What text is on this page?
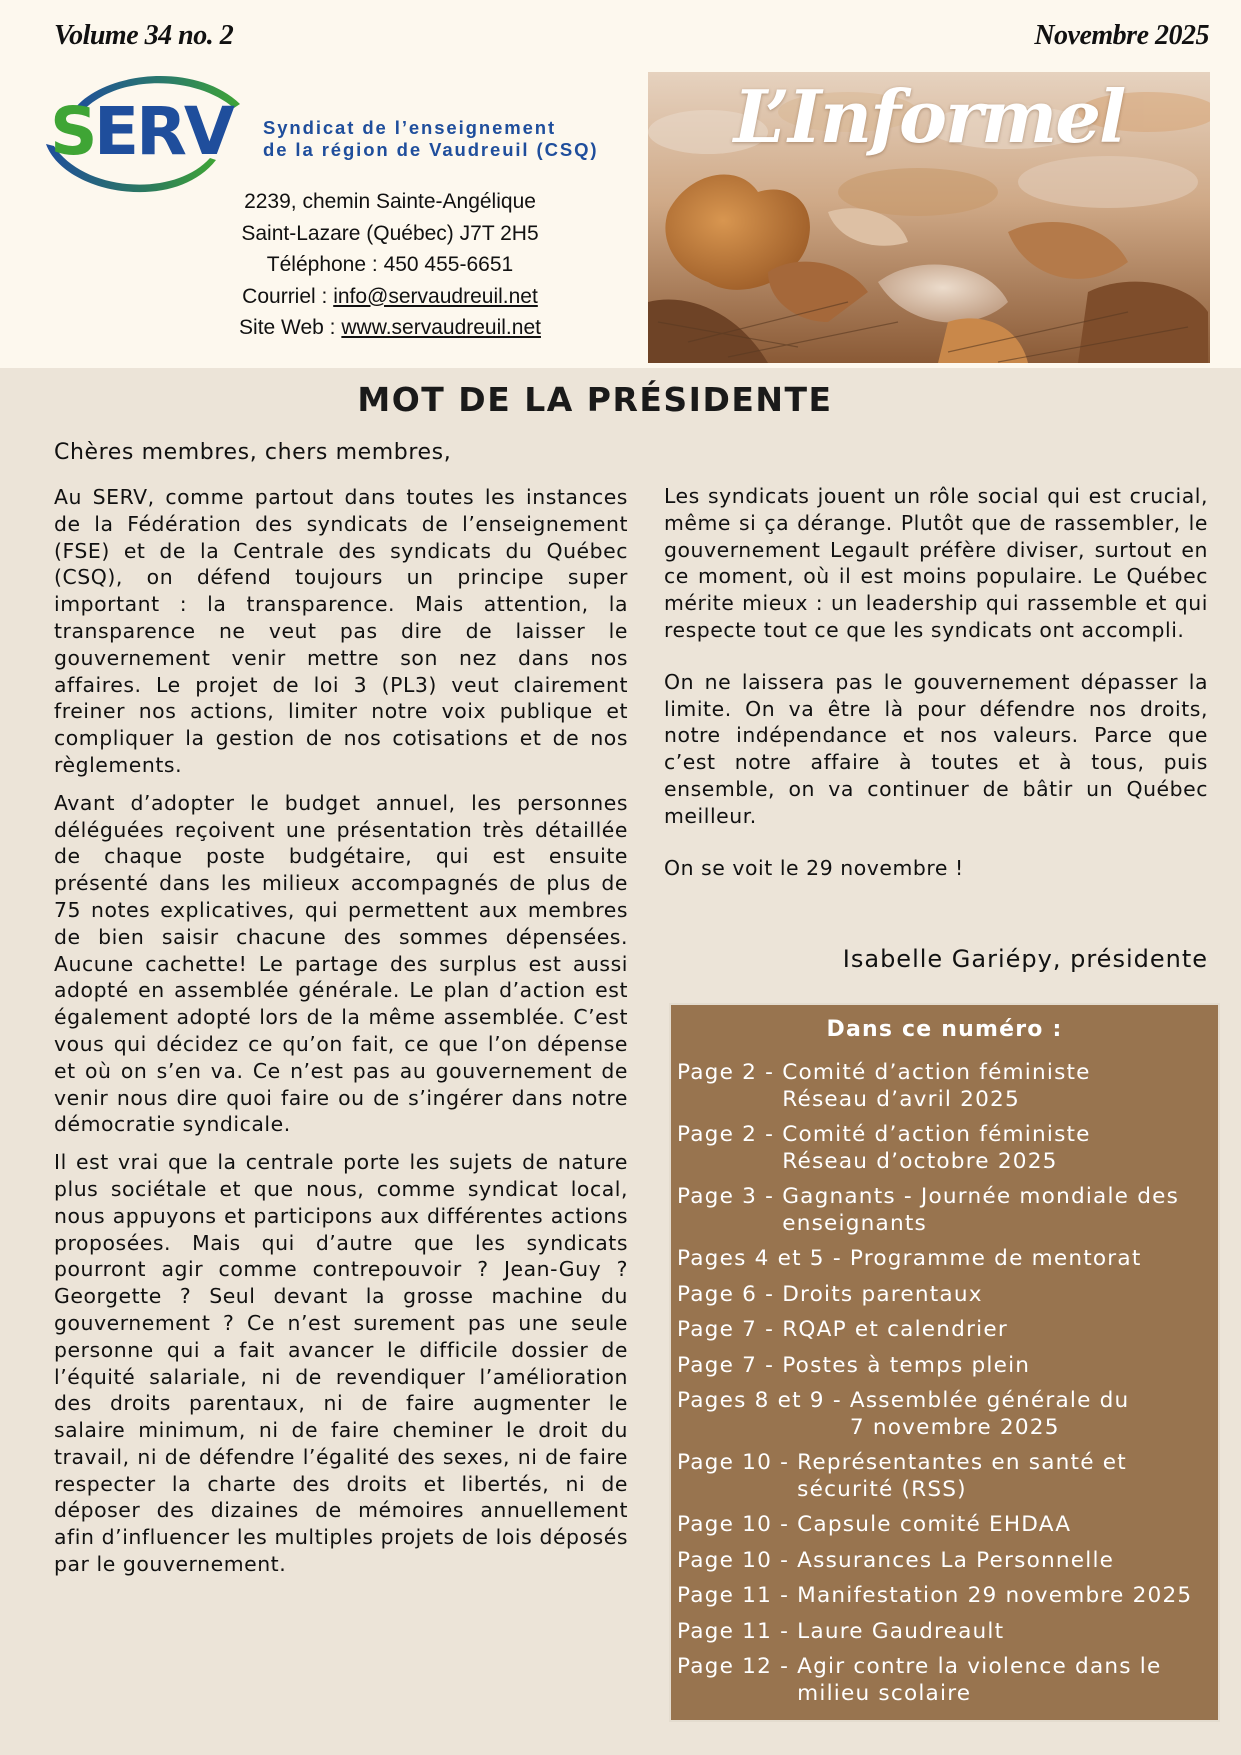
Volume 34 no. 2	Novembre 2025
S
ERV Syndicat de l’enseignement
de la région de Vaudreuil (CSQ)
2239, chemin Sainte-Angélique
Saint-Lazare (Québec) J7T 2H5
Téléphone : 450 455-6651
Courriel : info@servaudreuil.net
Site Web : www.servaudreuil.net
L’Informel
MOT DE LA PRÉSIDENTE
Chères membres, chers membres,

Au SERV, comme partout dans toutes les instances de la Fédération des syndicats de l’enseignement (FSE) et de la Centrale des syndicats du Québec (CSQ), on défend toujours un principe super important : la transparence. Mais attention, la transparence ne veut pas dire de laisser le gouvernement venir mettre son nez dans nos affaires. Le projet de loi 3 (PL3) veut clairement freiner nos actions, limiter notre voix publique et compliquer la gestion de nos cotisations et de nos règlements.

Avant d’adopter le budget annuel, les personnes déléguées reçoivent une présentation très détaillée de chaque poste budgétaire, qui est ensuite présenté dans les milieux accompagnés de plus de 75 notes explicatives, qui permettent aux membres de bien saisir chacune des sommes dépensées. Aucune cachette! Le partage des surplus est aussi adopté en assemblée générale. Le plan d’action est également adopté lors de la même assemblée. C’est vous qui décidez ce qu’on fait, ce que l’on dépense et où on s’en va. Ce n’est pas au gouvernement de venir nous dire quoi faire ou de s’ingérer dans notre démocratie syndicale.

Il est vrai que la centrale porte les sujets de nature plus sociétale et que nous, comme syndicat local, nous appuyons et participons aux différentes actions proposées. Mais qui d’autre que les syndicats pourront agir comme contrepouvoir ? Jean-Guy ? Georgette ? Seul devant la grosse machine du gouvernement ? Ce n’est surement pas une seule personne qui a fait avancer le difficile dossier de l’équité salariale, ni de revendiquer l’amélioration des droits parentaux, ni de faire augmenter le salaire minimum, ni de faire cheminer le droit du travail, ni de défendre l’égalité des sexes, ni de faire respecter la charte des droits et libertés, ni de déposer des dizaines de mémoires annuellement afin d’influencer les multiples projets de lois déposés par le gouvernement.

Les syndicats jouent un rôle social qui est crucial, même si ça dérange. Plutôt que de rassembler, le gouvernement Legault préfère diviser, surtout en ce moment, où il est moins populaire. Le Québec mérite mieux : un leadership qui rassemble et qui respecte tout ce que les syndicats ont accompli.

On ne laissera pas le gouvernement dépasser la limite. On va être là pour défendre nos droits, notre indépendance et nos valeurs. Parce que c’est notre affaire à toutes et à tous, puis ensemble, on va continuer de bâtir un Québec meilleur.

On se voit le 29 novembre !

Isabelle Gariépy, présidente
Dans ce numéro :
Page 2 - Comité d’action féministe
Réseau d’avril 2025
Page 2 - Comité d’action féministe
Réseau d’octobre 2025
Page 3 - Gagnants - Journée mondiale des
enseignants
Pages 4 et 5 - Programme de mentorat
Page 6 - Droits parentaux
Page 7 - RQAP et calendrier
Page 7 - Postes à temps plein
Pages 8 et 9 - Assemblée générale du
7 novembre 2025
Page 10 - Représentantes en santé et
sécurité (RSS)
Page 10 - Capsule comité EHDAA
Page 10 - Assurances La Personnelle
Page 11 - Manifestation 29 novembre 2025
Page 11 - Laure Gaudreault
Page 12 - Agir contre la violence dans le
milieu scolaire
